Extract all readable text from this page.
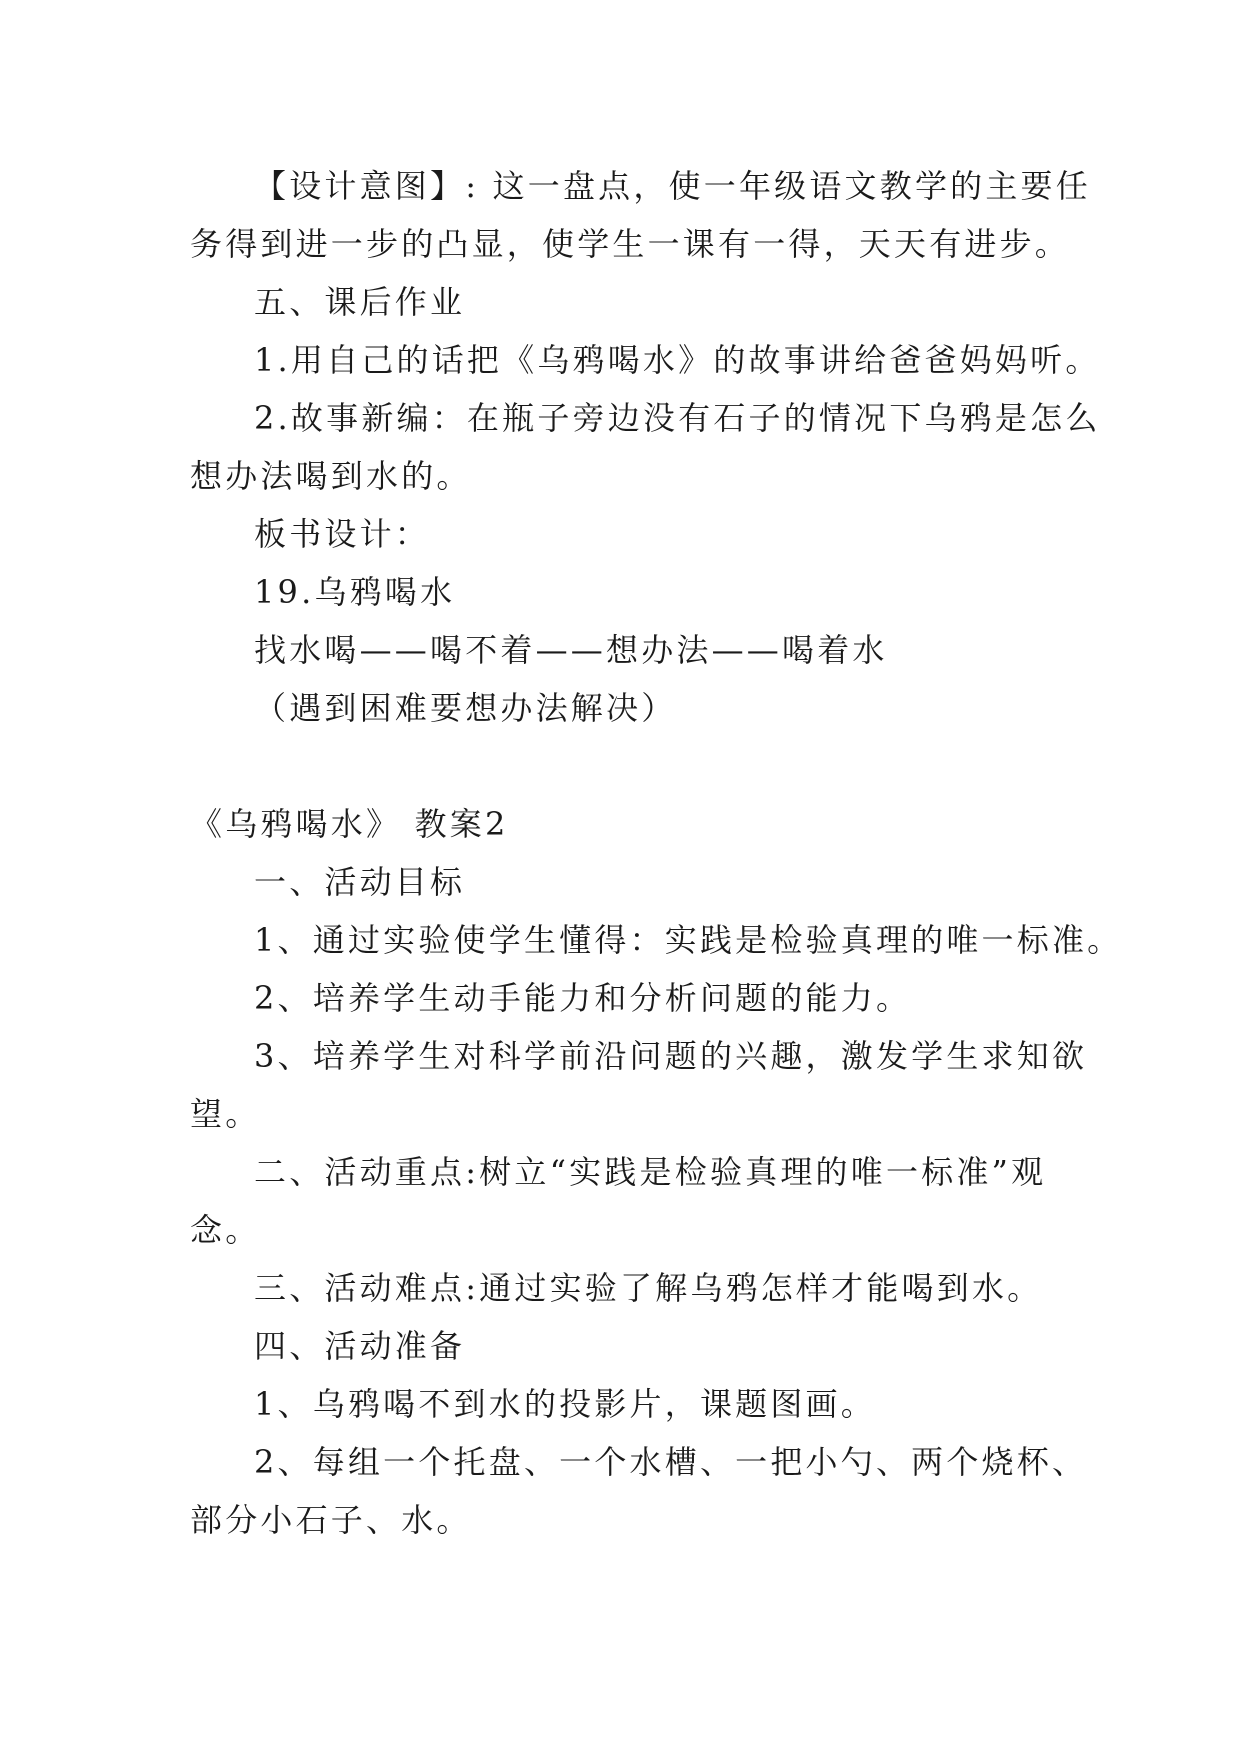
【设计意图】: 这一盘点，使一年级语文教学的主要任
务得到进一步的凸显，使学生一课有一得，天天有进步。
五、课后作业
1.用自己的话把《乌鸦喝水》的故事讲给爸爸妈妈听。
2.故事新编：在瓶子旁边没有石子的情况下乌鸦是怎么
想办法喝到水的。
板书设计：
19.乌鸦喝水
找水喝——喝不着——想办法——喝着水
（遇到困难要想办法解决）
《乌鸦喝水》 教案2
一、活动目标
1、通过实验使学生懂得：实践是检验真理的唯一标准。
2、培养学生动手能力和分析问题的能力。
3、培养学生对科学前沿问题的兴趣，激发学生求知欲
望。
二、活动重点:树立“实践是检验真理的唯一标准”观
念。
三、活动难点:通过实验了解乌鸦怎样才能喝到水。
四、活动准备
1、乌鸦喝不到水的投影片，课题图画。
2、每组一个托盘、一个水槽、一把小勺、两个烧杯、
部分小石子、水。
